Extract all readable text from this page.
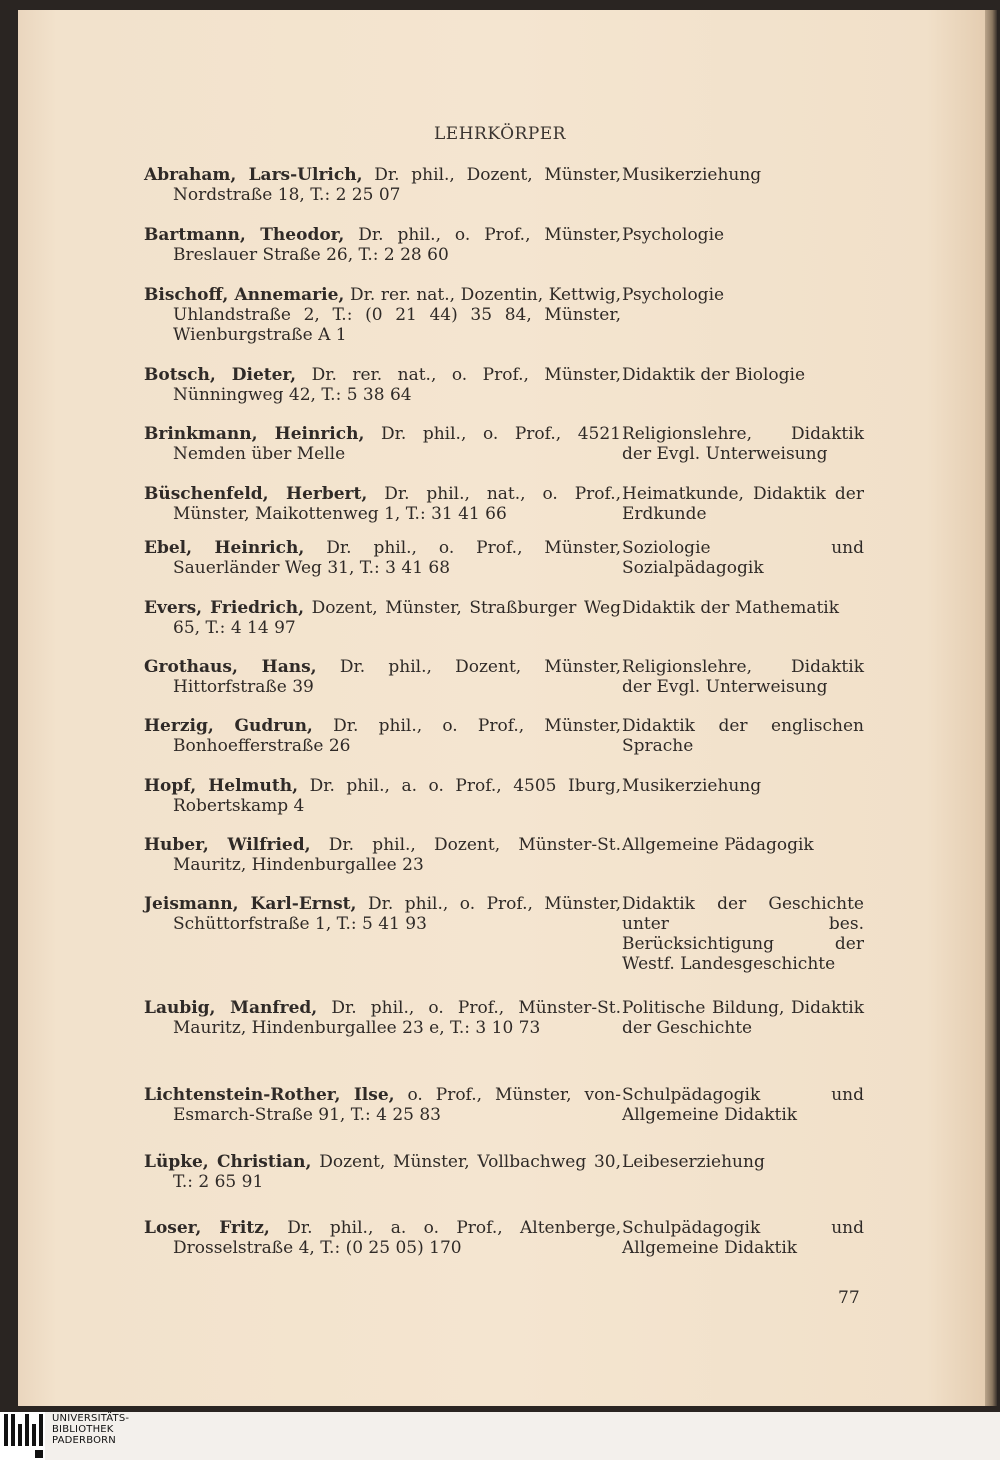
LEHRKÖRPER
Abraham, Lars-Ulrich, Dr. phil., Dozent, Münster, Nordstraße 18, T.: 2 25 07
Musikerziehung
Bartmann, Theodor, Dr. phil., o. Prof., Münster, Breslauer Straße 26, T.: 2 28 60
Psychologie
Bischoff, Annemarie, Dr. rer. nat., Dozentin, Kettwig, Uhlandstraße 2, T.: (0 21 44) 35 84, Münster, Wienburgstraße A 1
Psychologie
Botsch, Dieter, Dr. rer. nat., o. Prof., Münster, Nünningweg 42, T.: 5 38 64
Didaktik der Biologie
Brinkmann, Heinrich, Dr. phil., o. Prof., 4521 Nemden über Melle
Religionslehre, Didaktik der Evgl. Unterweisung
Büschenfeld, Herbert, Dr. phil., nat., o. Prof., Münster, Maikottenweg 1, T.: 31 41 66
Heimatkunde, Didaktik der Erdkunde
Ebel, Heinrich, Dr. phil., o. Prof., Münster, Sauerländer Weg 31, T.: 3 41 68
Soziologie und Sozialpädagogik
Evers, Friedrich, Dozent, Münster, Straßburger Weg 65, T.: 4 14 97
Didaktik der Mathematik
Grothaus, Hans, Dr. phil., Dozent, Münster, Hittorfstraße 39
Religionslehre, Didaktik der Evgl. Unterweisung
Herzig, Gudrun, Dr. phil., o. Prof., Münster, Bonhoefferstraße 26
Didaktik der englischen Sprache
Hopf, Helmuth, Dr. phil., a. o. Prof., 4505 Iburg, Robertskamp 4
Musikerziehung
Huber, Wilfried, Dr. phil., Dozent, Münster-St. Mauritz, Hindenburgallee 23
Allgemeine Pädagogik
Jeismann, Karl-Ernst, Dr. phil., o. Prof., Münster, Schüttorfstraße 1, T.: 5 41 93
Didaktik der Geschichte unter bes. Berücksichtigung der Westf. Landesgeschichte
Laubig, Manfred, Dr. phil., o. Prof., Münster-St. Mauritz, Hindenburgallee 23 e, T.: 3 10 73
Politische Bildung, Didaktik der Geschichte
Lichtenstein-Rother, Ilse, o. Prof., Münster, von-Esmarch-Straße 91, T.: 4 25 83
Schulpädagogik und Allgemeine Didaktik
Lüpke, Christian, Dozent, Münster, Vollbachweg 30, T.: 2 65 91
Leibeserziehung
Loser, Fritz, Dr. phil., a. o. Prof., Altenberge, Drosselstraße 4, T.: (0 25 05) 170
Schulpädagogik und Allgemeine Didaktik
77
UNIVERSITÄTS-
BIBLIOTHEK
PADERBORN
